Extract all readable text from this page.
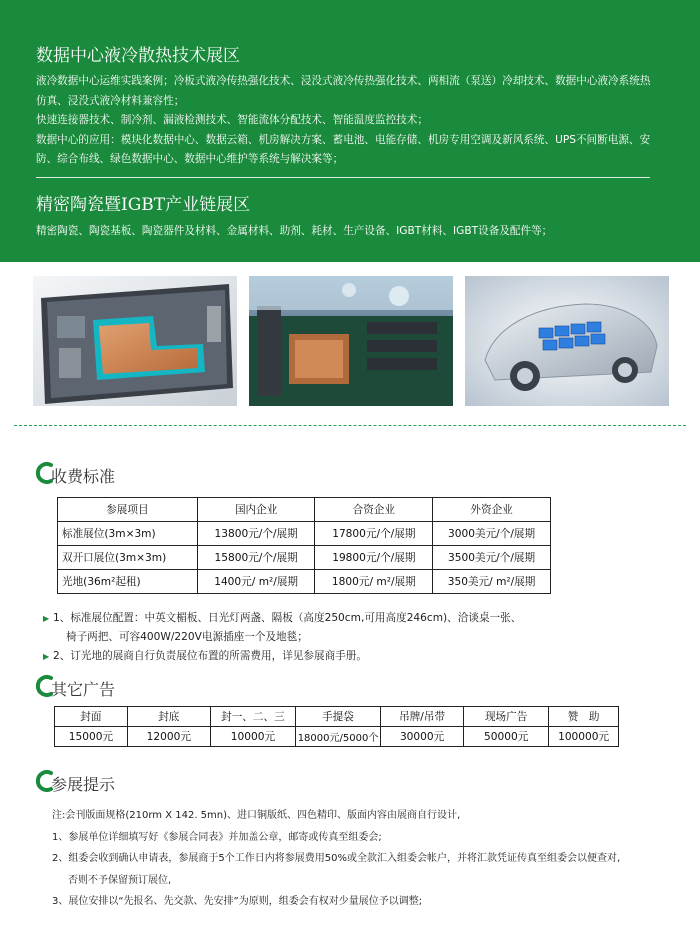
数据中心液冷散热技术展区

液冷数据中心运维实践案例；冷板式液冷传热强化技术、浸没式液冷传热强化技术、两相流（泵送）冷却技术、数据中心液冷系统热仿真、浸没式液冷材料兼容性；

快速连接器技术、制冷剂、漏液检测技术、智能流体分配技术、智能温度监控技术；

数据中心的应用：模块化数据中心、数据云箱、机房解决方案、蓄电池、电能存储、机房专用空调及新风系统、UPS不间断电源、安防、综合布线、绿色数据中心、数据中心维护等系统与解决案等；

精密陶瓷暨IGBT产业链展区

精密陶瓷、陶瓷基板、陶瓷器件及材料、金属材料、助剂、耗材、生产设备、IGBT材料、IGBT设备及配件等；

收费标准
参展项目	国内企业	合资企业	外资企业
标准展位(3m×3m)	13800元/个/展期	17800元/个/展期	3000美元/个/展期
双开口展位(3m×3m)	15800元/个/展期	19800元/个/展期	3500美元/个/展期
光地(36m²起租)	1400元/ m²/展期	1800元/ m²/展期	350美元/ m²/展期
▶ 1、标准展位配置：中英文楣板、日光灯两盏、隔板（高度250cm,可用高度246cm)、洽谈桌一张、
椅子两把、可容400W/220V电源插座一个及地毯；
▶ 2、订光地的展商自行负责展位布置的所需费用，详见参展商手册。
其它广告
封面	封底	封一、二、三	手提袋	吊牌/吊带	现场广告	赞　助
15000元	12000元	10000元	18000元/5000个	30000元	50000元	100000元
参展提示

注:会刊版面规格(210rm X 142. 5mn)、进口铜版纸、四色精印、版面内容由展商自行设计,

1、参展单位详细填写好《参展合同表》并加盖公章，邮寄或传真至组委会;

2、组委会收到确认申请表，参展商于5个工作日内将参展费用50%或全款汇入组委会帐户，并将汇款凭证传真至组委会以便查对,

否则不予保留预订展位,

3、展位安排以“先报名、先交款、先安排”为原则，组委会有权对少量展位予以调整;
